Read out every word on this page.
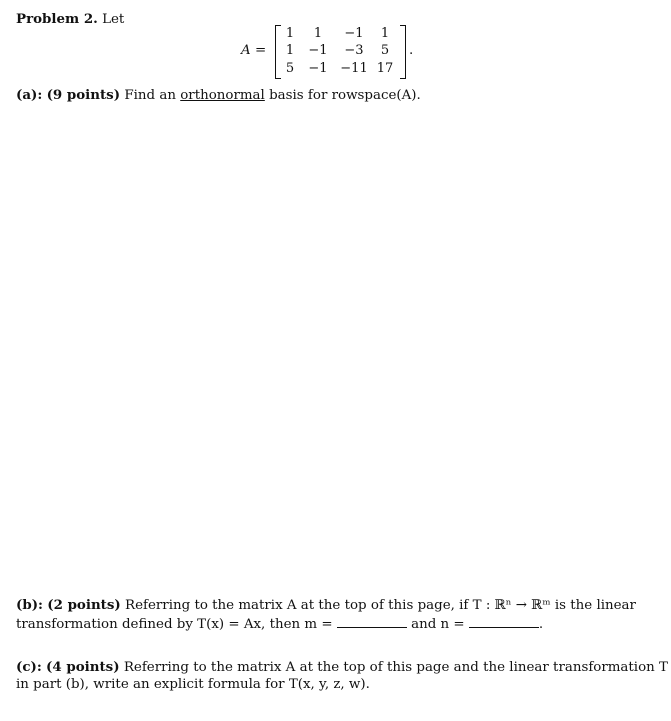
Problem 2. Let
A =
1	1	−1	1
1	−1	−3	5
5	−1 −11 17
.
(a): (9 points) Find an orthonormal basis for rowspace(A).
(b): (2 points) Referring to the matrix A at the top of this page, if T : ℝⁿ → ℝᵐ is the linear
transformation defined by T(x) = Ax, then m =	and n =	.
(c): (4 points) Referring to the matrix A at the top of this page and the linear transformation T
in part (b), write an explicit formula for T(x, y, z, w).
